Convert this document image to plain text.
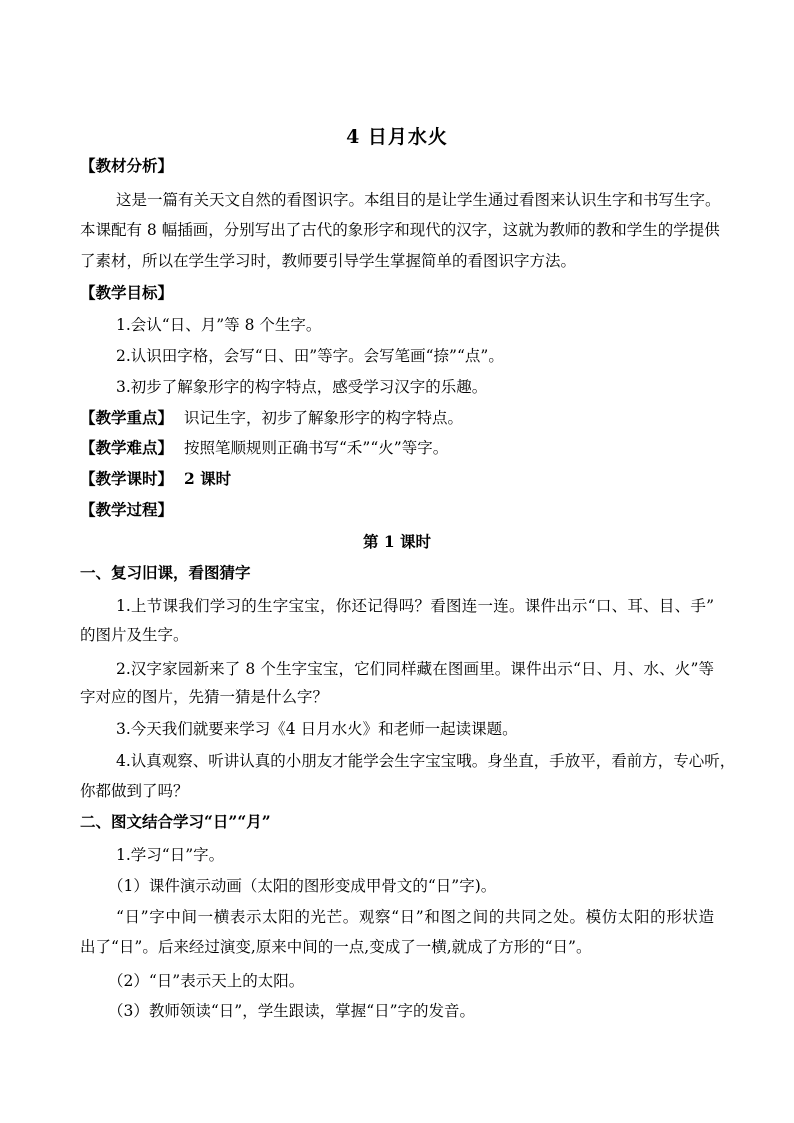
4 日月水火
【教材分析】
这是一篇有关天文自然的看图识字。本组目的是让学生通过看图来认识生字和书写生字。
本课配有 8 幅插画，分别写出了古代的象形字和现代的汉字，这就为教师的教和学生的学提供
了素材，所以在学生学习时，教师要引导学生掌握简单的看图识字方法。
【教学目标】
1.会认“日、月”等 8 个生字。
2.认识田字格，会写“日、田”等字。会写笔画“捺”“点”。
3.初步了解象形字的构字特点，感受学习汉字的乐趣。
【教学重点】 识记生字，初步了解象形字的构字特点。
【教学难点】 按照笔顺规则正确书写“禾”“火”等字。
【教学课时】 2 课时
【教学过程】
第 1 课时
一、复习旧课，看图猜字
1.上节课我们学习的生字宝宝，你还记得吗？看图连一连。课件出示“口、耳、目、手”
的图片及生字。
2.汉字家园新来了 8 个生字宝宝，它们同样藏在图画里。课件出示“日、月、水、火”等
字对应的图片，先猜一猜是什么字？
3.今天我们就要来学习《4 日月水火》和老师一起读课题。
4.认真观察、听讲认真的小朋友才能学会生字宝宝哦。身坐直，手放平，看前方，专心听，
你都做到了吗？
二、图文结合学习“日”“月”
1.学习“日”字。
（1）课件演示动画（太阳的图形变成甲骨文的“日”字)。
“日”字中间一横表示太阳的光芒。观察“日”和图之间的共同之处。模仿太阳的形状造
出了“日”。后来经过演变,原来中间的一点,变成了一横,就成了方形的“日”。
（2）“日”表示天上的太阳。
（3）教师领读“日”，学生跟读，掌握“日”字的发音。
